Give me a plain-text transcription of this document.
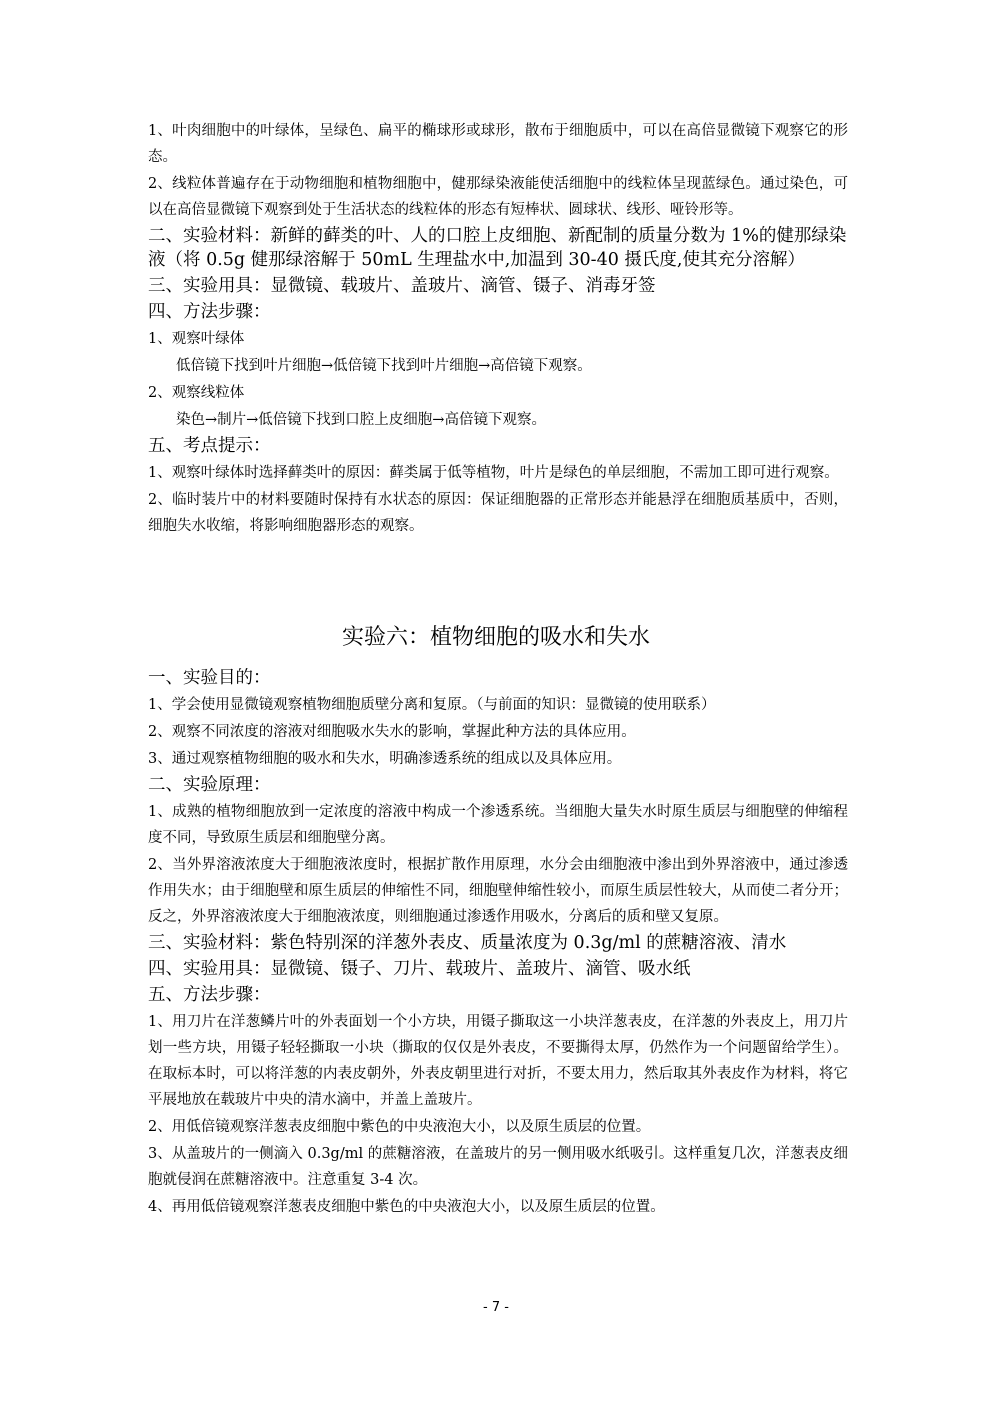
1、叶肉细胞中的叶绿体，呈绿色、扁平的椭球形或球形，散布于细胞质中，可以在高倍显微镜下观察它的形态。
2、线粒体普遍存在于动物细胞和植物细胞中，健那绿染液能使活细胞中的线粒体呈现蓝绿色。通过染色，可以在高倍显微镜下观察到处于生活状态的线粒体的形态有短棒状、圆球状、线形、哑铃形等。
二、实验材料：新鲜的藓类的叶、人的口腔上皮细胞、新配制的质量分数为 1%的健那绿染液（将 0.5g 健那绿溶解于 50mL 生理盐水中,加温到 30-40 摄氏度,使其充分溶解）
三、实验用具：显微镜、载玻片、盖玻片、滴管、镊子、消毒牙签
四、方法步骤：
1、观察叶绿体
低倍镜下找到叶片细胞→低倍镜下找到叶片细胞→高倍镜下观察。
2、观察线粒体
染色→制片→低倍镜下找到口腔上皮细胞→高倍镜下观察。
五、考点提示：
1、观察叶绿体时选择藓类叶的原因：藓类属于低等植物，叶片是绿色的单层细胞，不需加工即可进行观察。
2、临时装片中的材料要随时保持有水状态的原因：保证细胞器的正常形态并能悬浮在细胞质基质中，否则，细胞失水收缩，将影响细胞器形态的观察。
实验六：植物细胞的吸水和失水
一、实验目的：
1、学会使用显微镜观察植物细胞质壁分离和复原。（与前面的知识：显微镜的使用联系）
2、观察不同浓度的溶液对细胞吸水失水的影响，掌握此种方法的具体应用。
3、通过观察植物细胞的吸水和失水，明确渗透系统的组成以及具体应用。
二、实验原理：
1、成熟的植物细胞放到一定浓度的溶液中构成一个渗透系统。当细胞大量失水时原生质层与细胞壁的伸缩程度不同，导致原生质层和细胞壁分离。
2、当外界溶液浓度大于细胞液浓度时，根据扩散作用原理，水分会由细胞液中渗出到外界溶液中，通过渗透作用失水；由于细胞壁和原生质层的伸缩性不同，细胞壁伸缩性较小，而原生质层性较大，从而使二者分开；反之，外界溶液浓度大于细胞液浓度，则细胞通过渗透作用吸水，分离后的质和壁又复原。
三、实验材料：紫色特别深的洋葱外表皮、质量浓度为 0.3g/ml 的蔗糖溶液、清水
四、实验用具：显微镜、镊子、刀片、载玻片、盖玻片、滴管、吸水纸
五、方法步骤：
1、用刀片在洋葱鳞片叶的外表面划一个小方块，用镊子撕取这一小块洋葱表皮，在洋葱的外表皮上，用刀片划一些方块，用镊子轻轻撕取一小块（撕取的仅仅是外表皮，不要撕得太厚，仍然作为一个问题留给学生）。在取标本时，可以将洋葱的内表皮朝外，外表皮朝里进行对折，不要太用力，然后取其外表皮作为材料，将它平展地放在载玻片中央的清水滴中，并盖上盖玻片。
2、用低倍镜观察洋葱表皮细胞中紫色的中央液泡大小，以及原生质层的位置。
3、从盖玻片的一侧滴入 0.3g/ml 的蔗糖溶液，在盖玻片的另一侧用吸水纸吸引。这样重复几次，洋葱表皮细胞就侵润在蔗糖溶液中。注意重复 3-4 次。
4、再用低倍镜观察洋葱表皮细胞中紫色的中央液泡大小，以及原生质层的位置。
- 7 -
